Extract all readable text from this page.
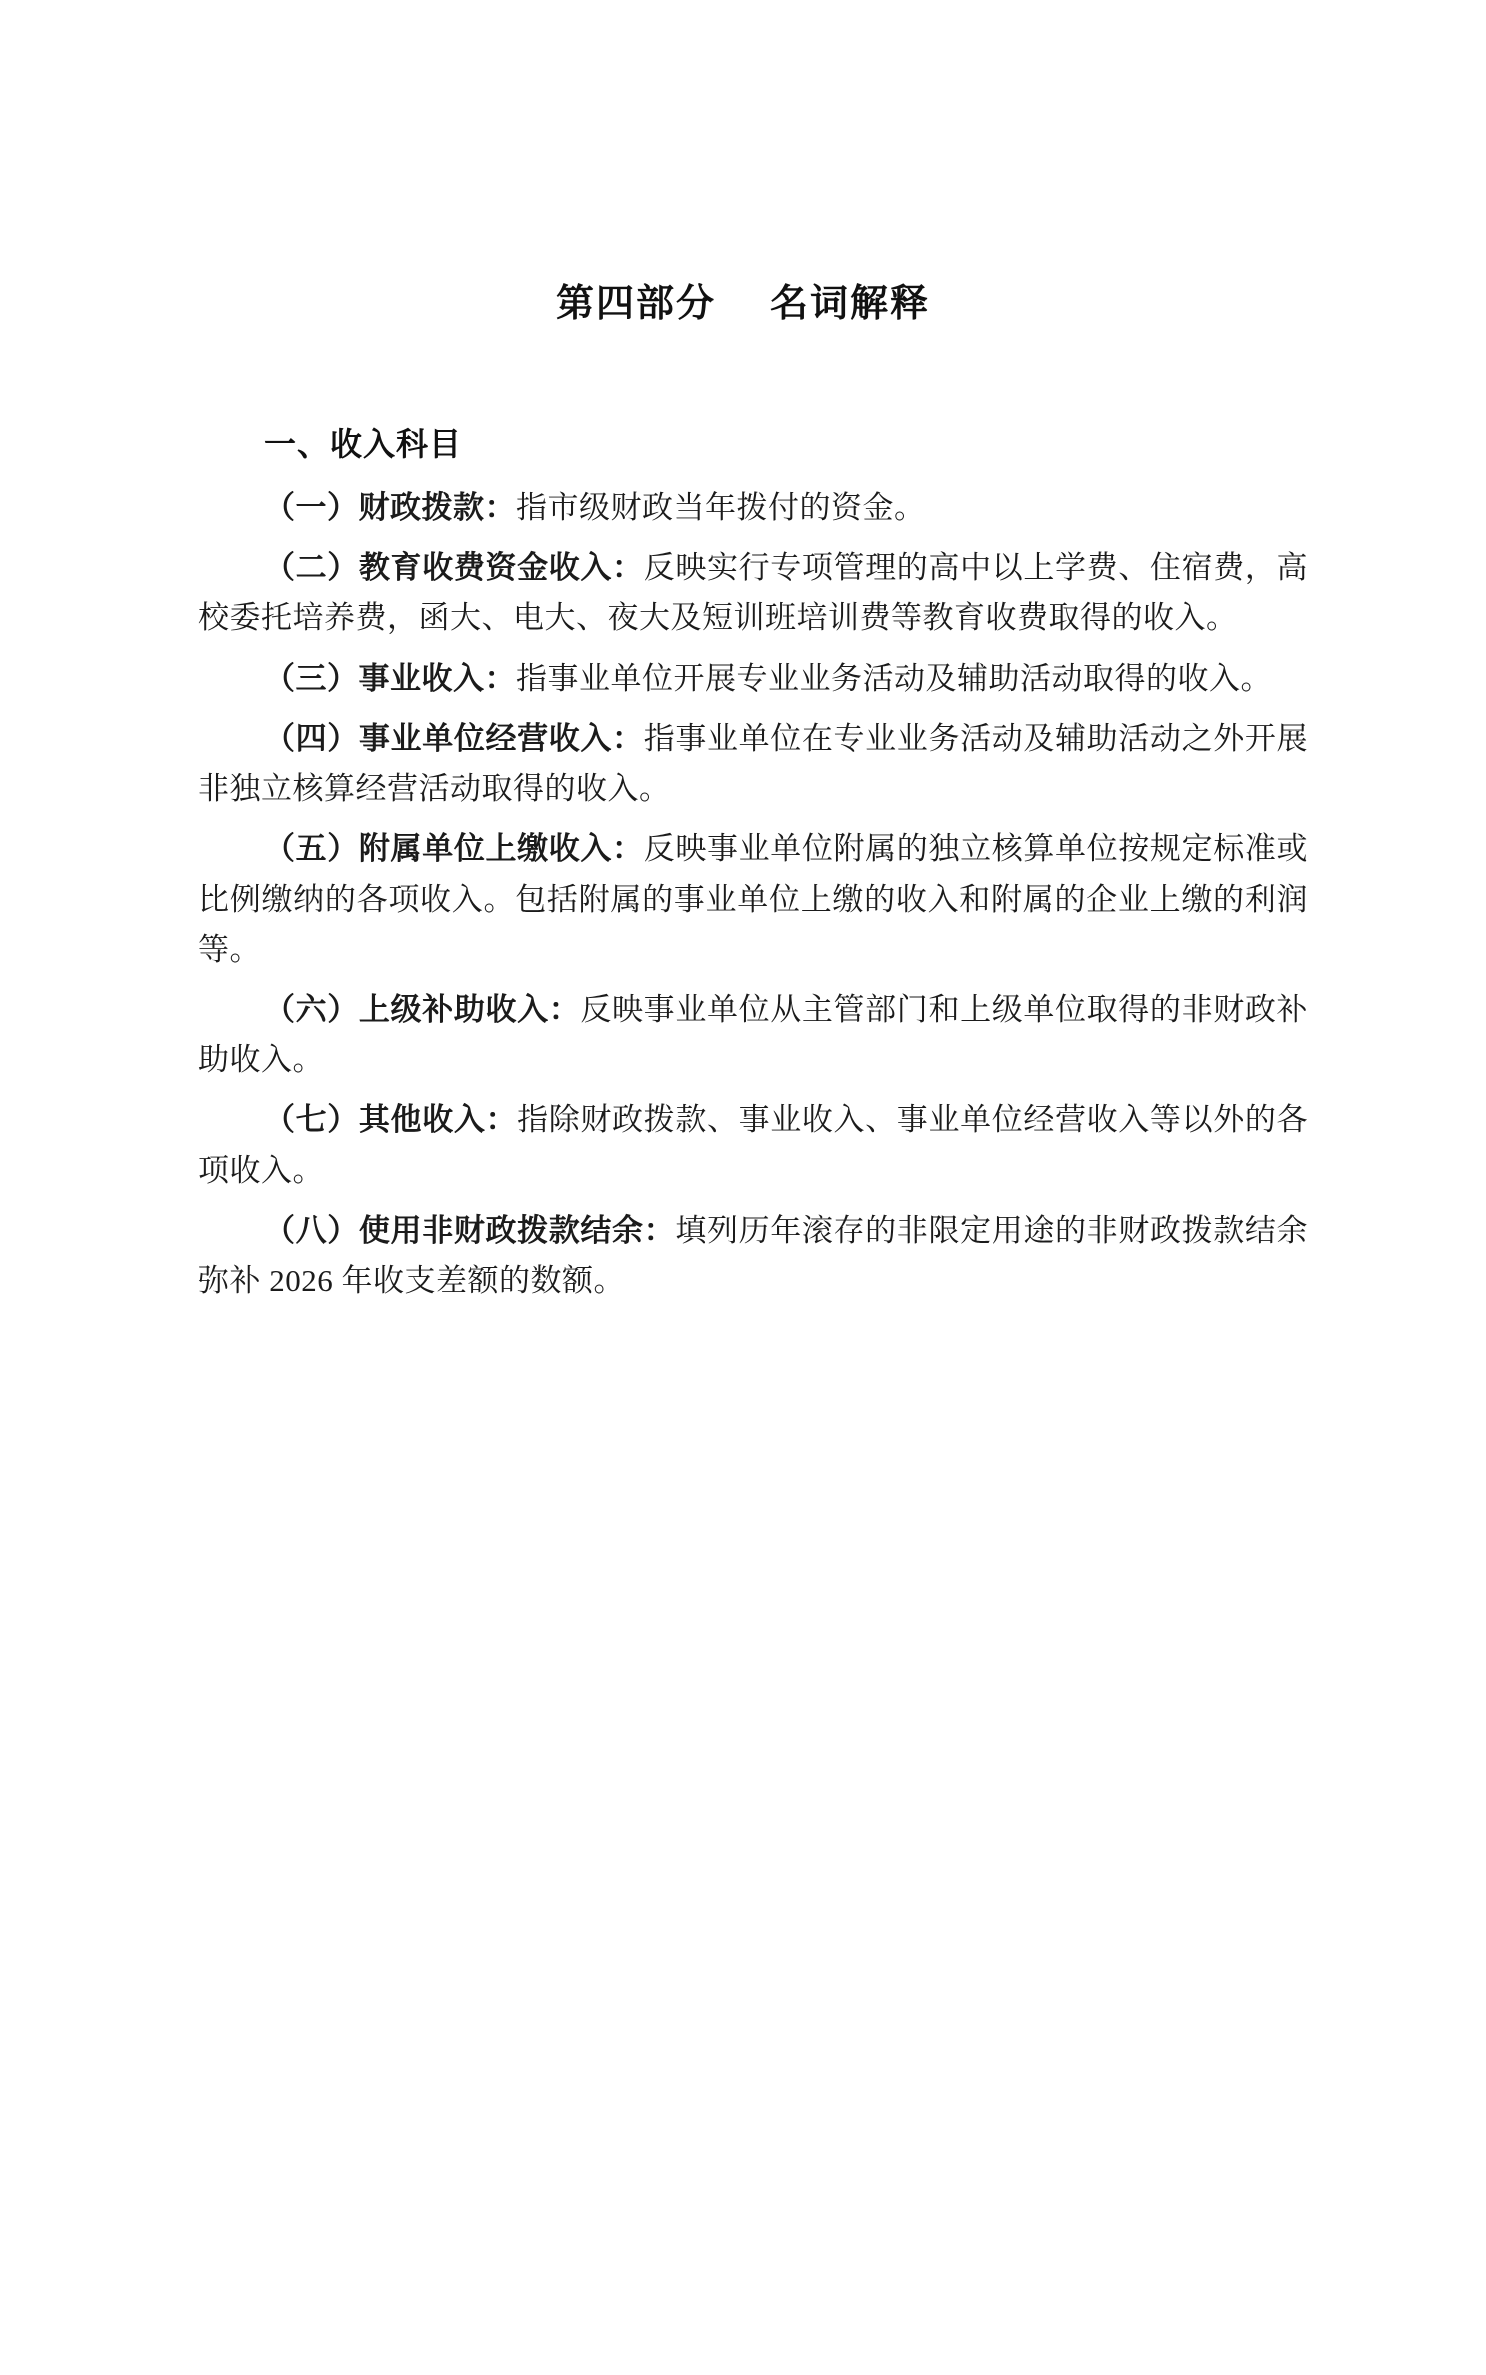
第四部分 名词解释
一、收入科目

（一）财政拨款：指市级财政当年拨付的资金。

（二）教育收费资金收入：反映实行专项管理的高中以上学费、住宿费，高校委托培养费，函大、电大、夜大及短训班培训费等教育收费取得的收入。

（三）事业收入：指事业单位开展专业业务活动及辅助活动取得的收入。

（四）事业单位经营收入：指事业单位在专业业务活动及辅助活动之外开展非独立核算经营活动取得的收入。

（五）附属单位上缴收入：反映事业单位附属的独立核算单位按规定标准或比例缴纳的各项收入。包括附属的事业单位上缴的收入和附属的企业上缴的利润等。

（六）上级补助收入：反映事业单位从主管部门和上级单位取得的非财政补助收入。

（七）其他收入：指除财政拨款、事业收入、事业单位经营收入等以外的各项收入。

（八）使用非财政拨款结余：填列历年滚存的非限定用途的非财政拨款结余弥补 2026 年收支差额的数额。
